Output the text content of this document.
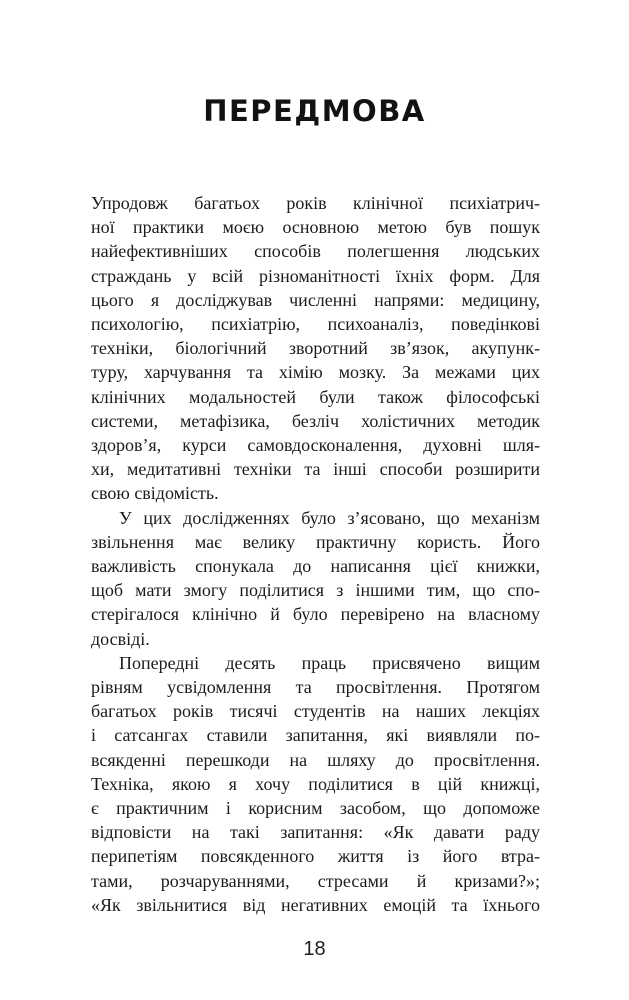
ПЕРЕДМОВА
Упродовж багатьох років клінічної психіатрич-
ної практики моєю основною метою був пошук
найефективніших способів полегшення людських
страждань у всій різноманітності їхніх форм. Для
цього я досліджував численні напрями: медицину,
психологію, психіатрію, психоаналіз, поведінкові
техніки, біологічний зворотний зв’язок, акупунк-
туру, харчування та хімію мозку. За межами цих
клінічних модальностей були також філософські
системи, метафізика, безліч холістичних методик
здоров’я, курси самовдосконалення, духовні шля-
хи, медитативні техніки та інші способи розширити
свою свідомість.
У цих дослідженнях було з’ясовано, що механізм
звільнення має велику практичну користь. Його
важливість спонукала до написання цієї книжки,
щоб мати змогу поділитися з іншими тим, що спо-
стерігалося клінічно й було перевірено на власному
досвіді.
Попередні десять праць присвячено вищим
рівням усвідомлення та просвітлення. Протягом
багатьох років тисячі студентів на наших лекціях
і сатсангах ставили запитання, які виявляли по-
всякденні перешкоди на шляху до просвітлення.
Техніка, якою я хочу поділитися в цій книжці,
є практичним і корисним засобом, що допоможе
відповісти на такі запитання: «Як давати раду
перипетіям повсякденного життя із його втра-
тами, розчаруваннями, стресами й кризами?»;
«Як звільнитися від негативних емоцій та їхнього
18
